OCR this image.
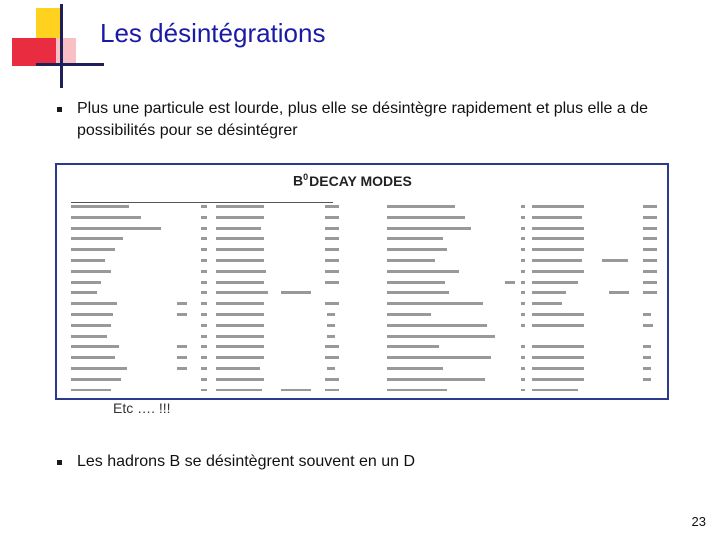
Les désintégrations
Plus une particule est lourde, plus elle se désintègre rapidement et plus elle a de possibilités pour se désintégrer
$B^0DECAY$ MODES
Etc …. !!!
Les hadrons B se désintègrent souvent en un D
23
